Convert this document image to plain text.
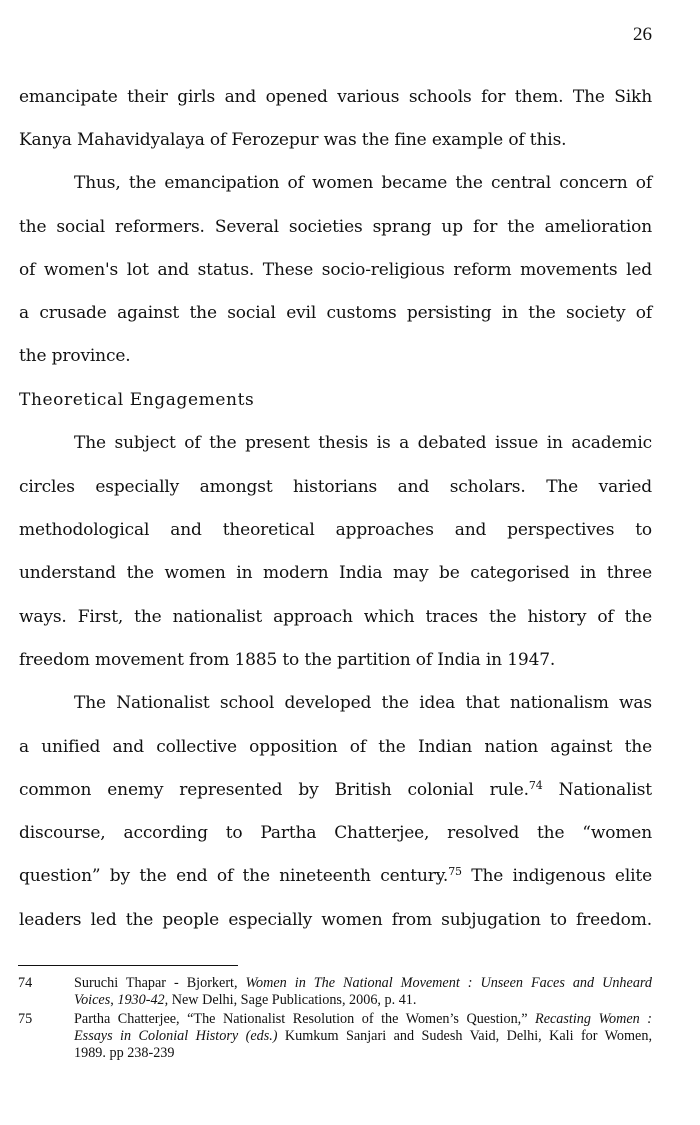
26
emancipate their girls and opened various schools for them. The Sikh
Kanya Mahavidyalaya of Ferozepur was the fine example of this.
Thus, the emancipation of women became the central concern of
the social reformers. Several societies sprang up for the amelioration
of women's lot and status. These socio-religious reform movements led
a crusade against the social evil customs persisting in the society of
the province.
Theoretical Engagements
The subject of the present thesis is a debated issue in academic
circles especially amongst historians and scholars. The varied
methodological and theoretical approaches and perspectives to
understand the women in modern India may be categorised in three
ways. First, the nationalist approach which traces the history of the
freedom movement from 1885 to the partition of India in 1947.
The Nationalist school developed the idea that nationalism was
a unified and collective opposition of the Indian nation against the
common enemy represented by British colonial rule.$^{74}$ Nationalist
discourse, according to Partha Chatterjee, resolved the “women
question” by the end of the nineteenth century.$^{75}$ The indigenous elite
leaders led the people especially women from subjugation to freedom.
74	Suruchi Thapar - Bjorkert, Women in The National Movement : Unseen Faces and Unheard
Voices, 1930-42, New Delhi, Sage Publications, 2006, p. 41.
75	Partha Chatterjee, “The Nationalist Resolution of the Women’s Question,” Recasting Women :
Essays in Colonial History (eds.) Kumkum Sanjari and Sudesh Vaid, Delhi, Kali for Women,
1989. pp 238-239
